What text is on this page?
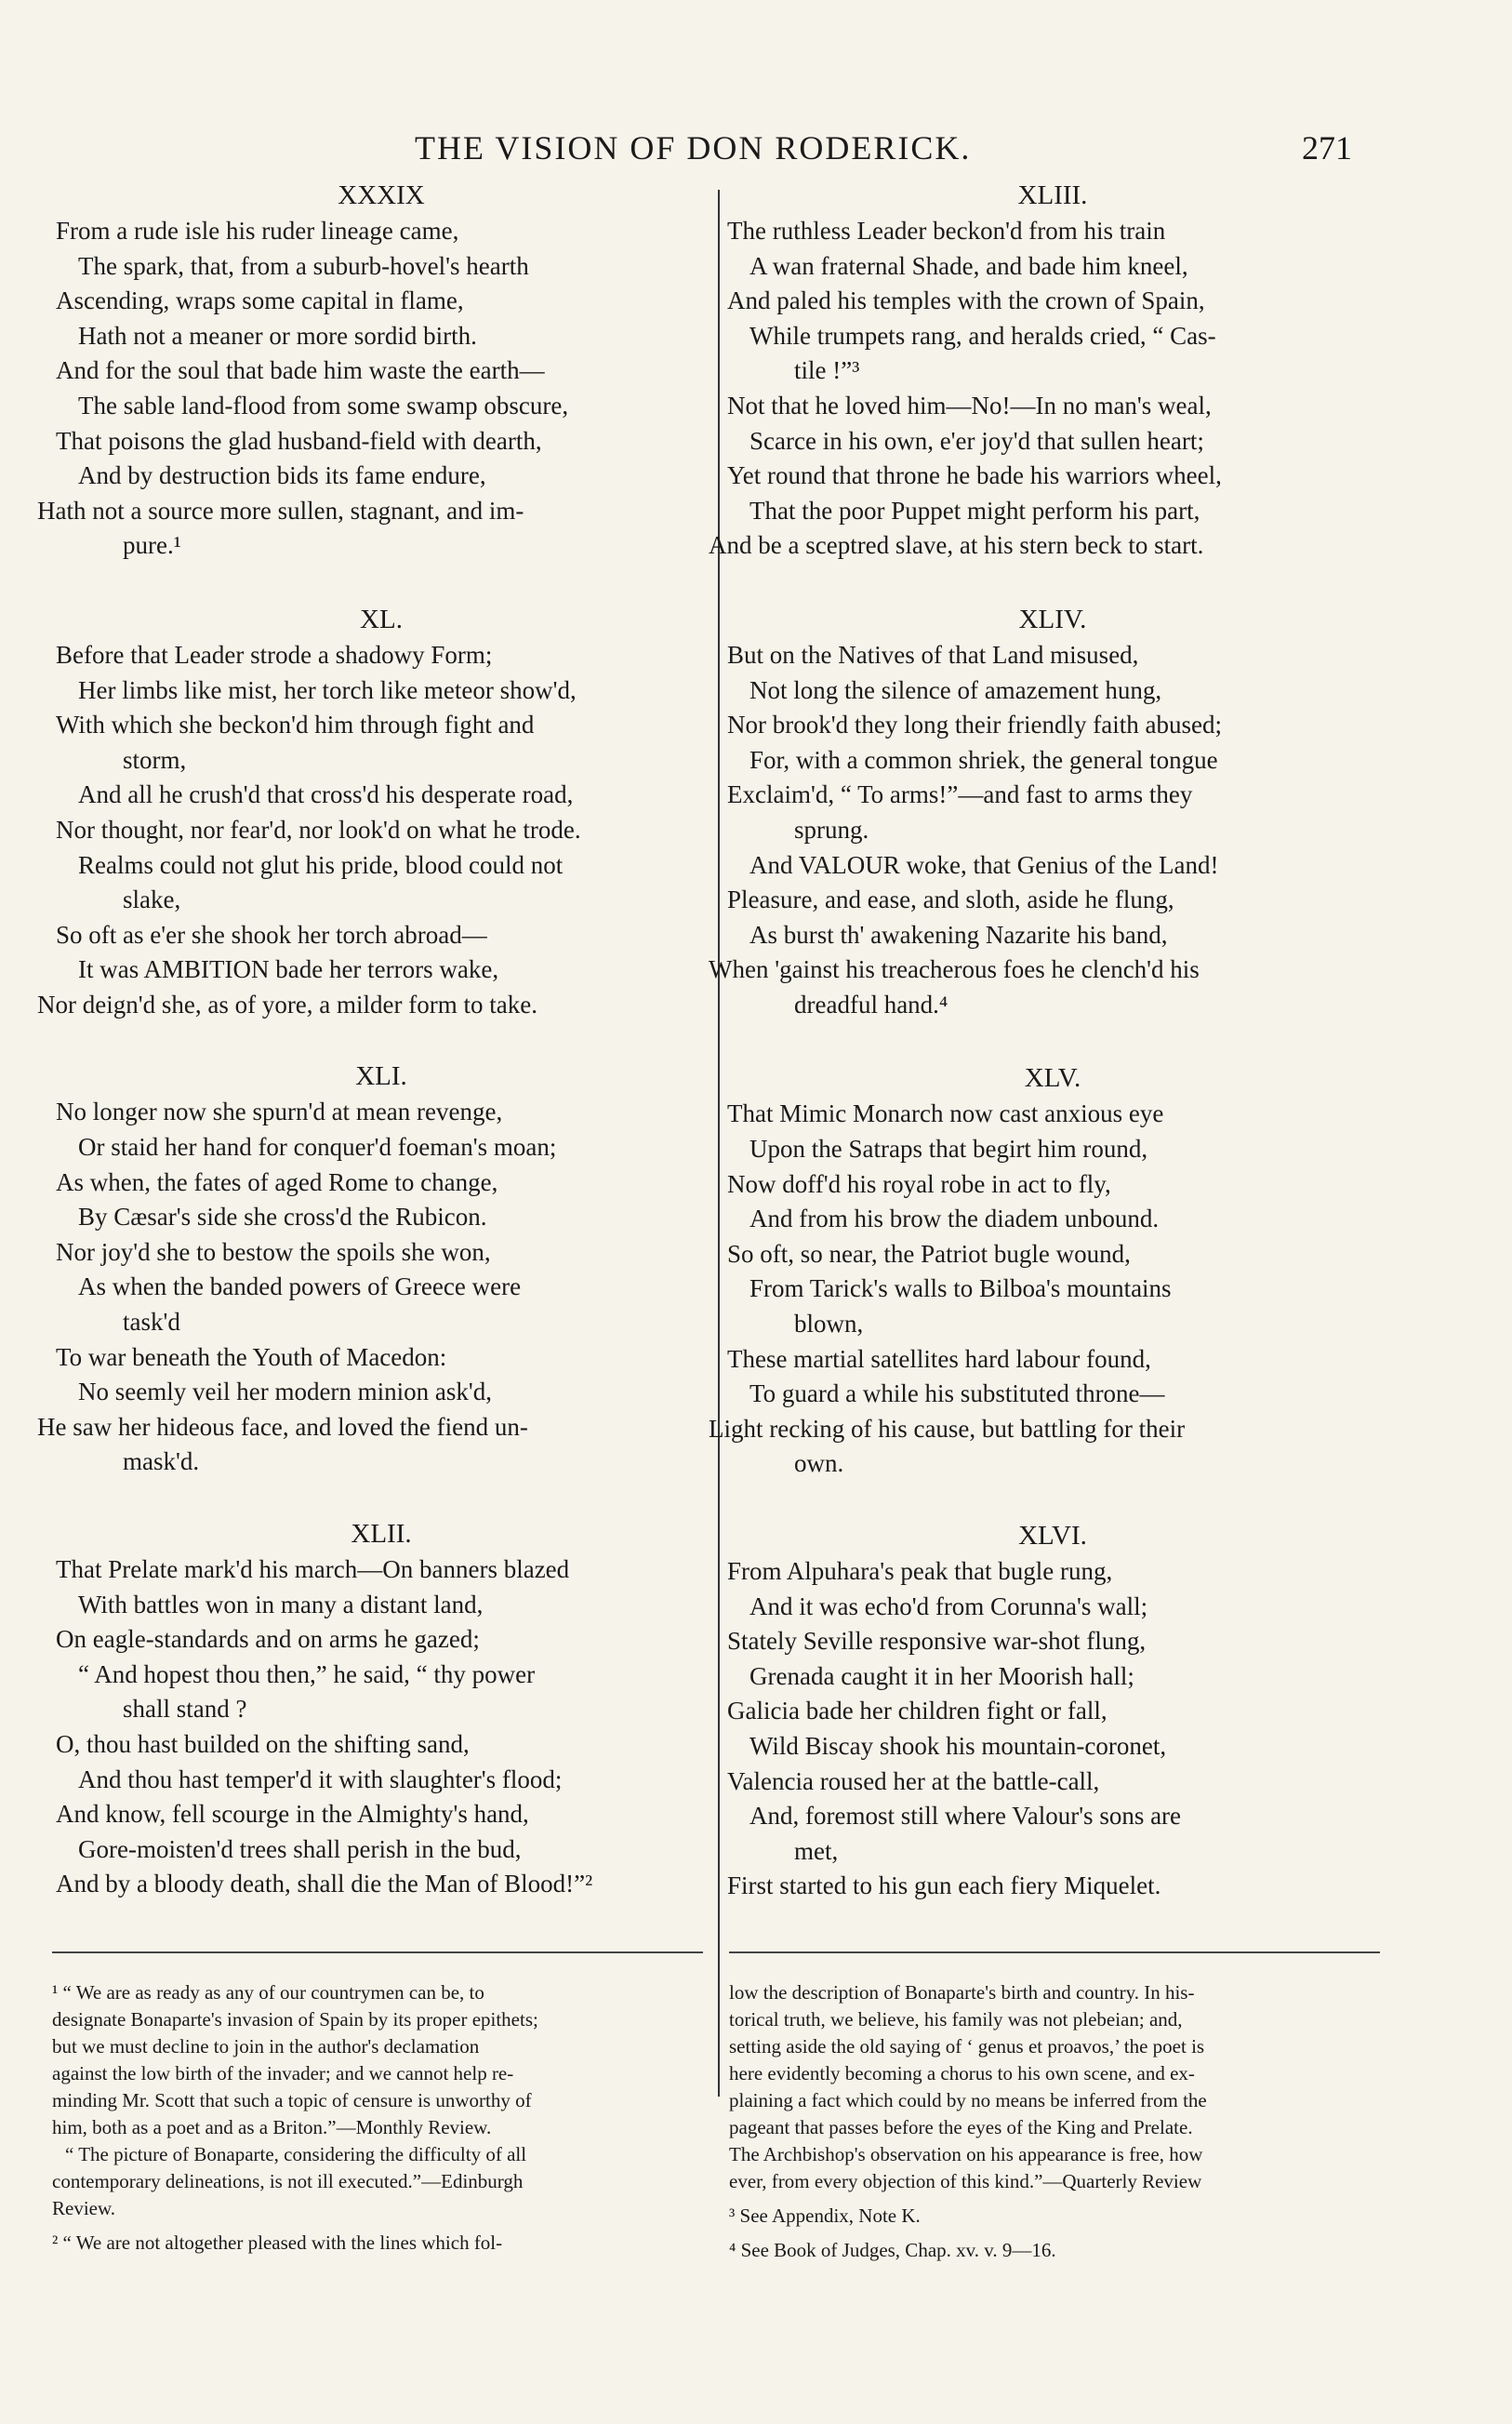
THE VISION OF DON RODERICK.	271
XXXIX
From a rude isle his ruder lineage came,
The spark, that, from a suburb-hovel's hearth
Ascending, wraps some capital in flame,
Hath not a meaner or more sordid birth.
And for the soul that bade him waste the earth—
The sable land-flood from some swamp obscure,
That poisons the glad husband-field with dearth,
And by destruction bids its fame endure,
Hath not a source more sullen, stagnant, and im-
pure.¹
XL.
Before that Leader strode a shadowy Form;
Her limbs like mist, her torch like meteor show'd,
With which she beckon'd him through fight and
storm,
And all he crush'd that cross'd his desperate road,
Nor thought, nor fear'd, nor look'd on what he trode.
Realms could not glut his pride, blood could not
slake,
So oft as e'er she shook her torch abroad—
It was AMBITION bade her terrors wake,
Nor deign'd she, as of yore, a milder form to take.
XLI.
No longer now she spurn'd at mean revenge,
Or staid her hand for conquer'd foeman's moan;
As when, the fates of aged Rome to change,
By Cæsar's side she cross'd the Rubicon.
Nor joy'd she to bestow the spoils she won,
As when the banded powers of Greece were
task'd
To war beneath the Youth of Macedon:
No seemly veil her modern minion ask'd,
He saw her hideous face, and loved the fiend un-
mask'd.
XLII.
That Prelate mark'd his march—On banners blazed
With battles won in many a distant land,
On eagle-standards and on arms he gazed;
“ And hopest thou then,” he said, “ thy power
shall stand ?
O, thou hast builded on the shifting sand,
And thou hast temper'd it with slaughter's flood;
And know, fell scourge in the Almighty's hand,
Gore-moisten'd trees shall perish in the bud,
And by a bloody death, shall die the Man of Blood!”²
XLIII.
The ruthless Leader beckon'd from his train
A wan fraternal Shade, and bade him kneel,
And paled his temples with the crown of Spain,
While trumpets rang, and heralds cried, “ Cas-
tile !”³
Not that he loved him—No!—In no man's weal,
Scarce in his own, e'er joy'd that sullen heart;
Yet round that throne he bade his warriors wheel,
That the poor Puppet might perform his part,
And be a sceptred slave, at his stern beck to start.
XLIV.
But on the Natives of that Land misused,
Not long the silence of amazement hung,
Nor brook'd they long their friendly faith abused;
For, with a common shriek, the general tongue
Exclaim'd, “ To arms!”—and fast to arms they
sprung.
And VALOUR woke, that Genius of the Land!
Pleasure, and ease, and sloth, aside he flung,
As burst th' awakening Nazarite his band,
When 'gainst his treacherous foes he clench'd his
dreadful hand.⁴
XLV.
That Mimic Monarch now cast anxious eye
Upon the Satraps that begirt him round,
Now doff'd his royal robe in act to fly,
And from his brow the diadem unbound.
So oft, so near, the Patriot bugle wound,
From Tarick's walls to Bilboa's mountains
blown,
These martial satellites hard labour found,
To guard a while his substituted throne—
Light recking of his cause, but battling for their
own.
XLVI.
From Alpuhara's peak that bugle rung,
And it was echo'd from Corunna's wall;
Stately Seville responsive war-shot flung,
Grenada caught it in her Moorish hall;
Galicia bade her children fight or fall,
Wild Biscay shook his mountain-coronet,
Valencia roused her at the battle-call,
And, foremost still where Valour's sons are
met,
First started to his gun each fiery Miquelet.

¹ “ We are as ready as any of our countrymen can be, to

designate Bonaparte's invasion of Spain by its proper epithets;

but we must decline to join in the author's declamation

against the low birth of the invader; and we cannot help re-

minding Mr. Scott that such a topic of censure is unworthy of

him, both as a poet and as a Briton.”—Monthly Review.

“ The picture of Bonaparte, considering the difficulty of all

contemporary delineations, is not ill executed.”—Edinburgh

Review.

² “ We are not altogether pleased with the lines which fol-

low the description of Bonaparte's birth and country. In his-

torical truth, we believe, his family was not plebeian; and,

setting aside the old saying of ‘ genus et proavos,’ the poet is

here evidently becoming a chorus to his own scene, and ex-

plaining a fact which could by no means be inferred from the

pageant that passes before the eyes of the King and Prelate.

The Archbishop's observation on his appearance is free, how

ever, from every objection of this kind.”—Quarterly Review

³ See Appendix, Note K.

⁴ See Book of Judges, Chap. xv. v. 9—16.
